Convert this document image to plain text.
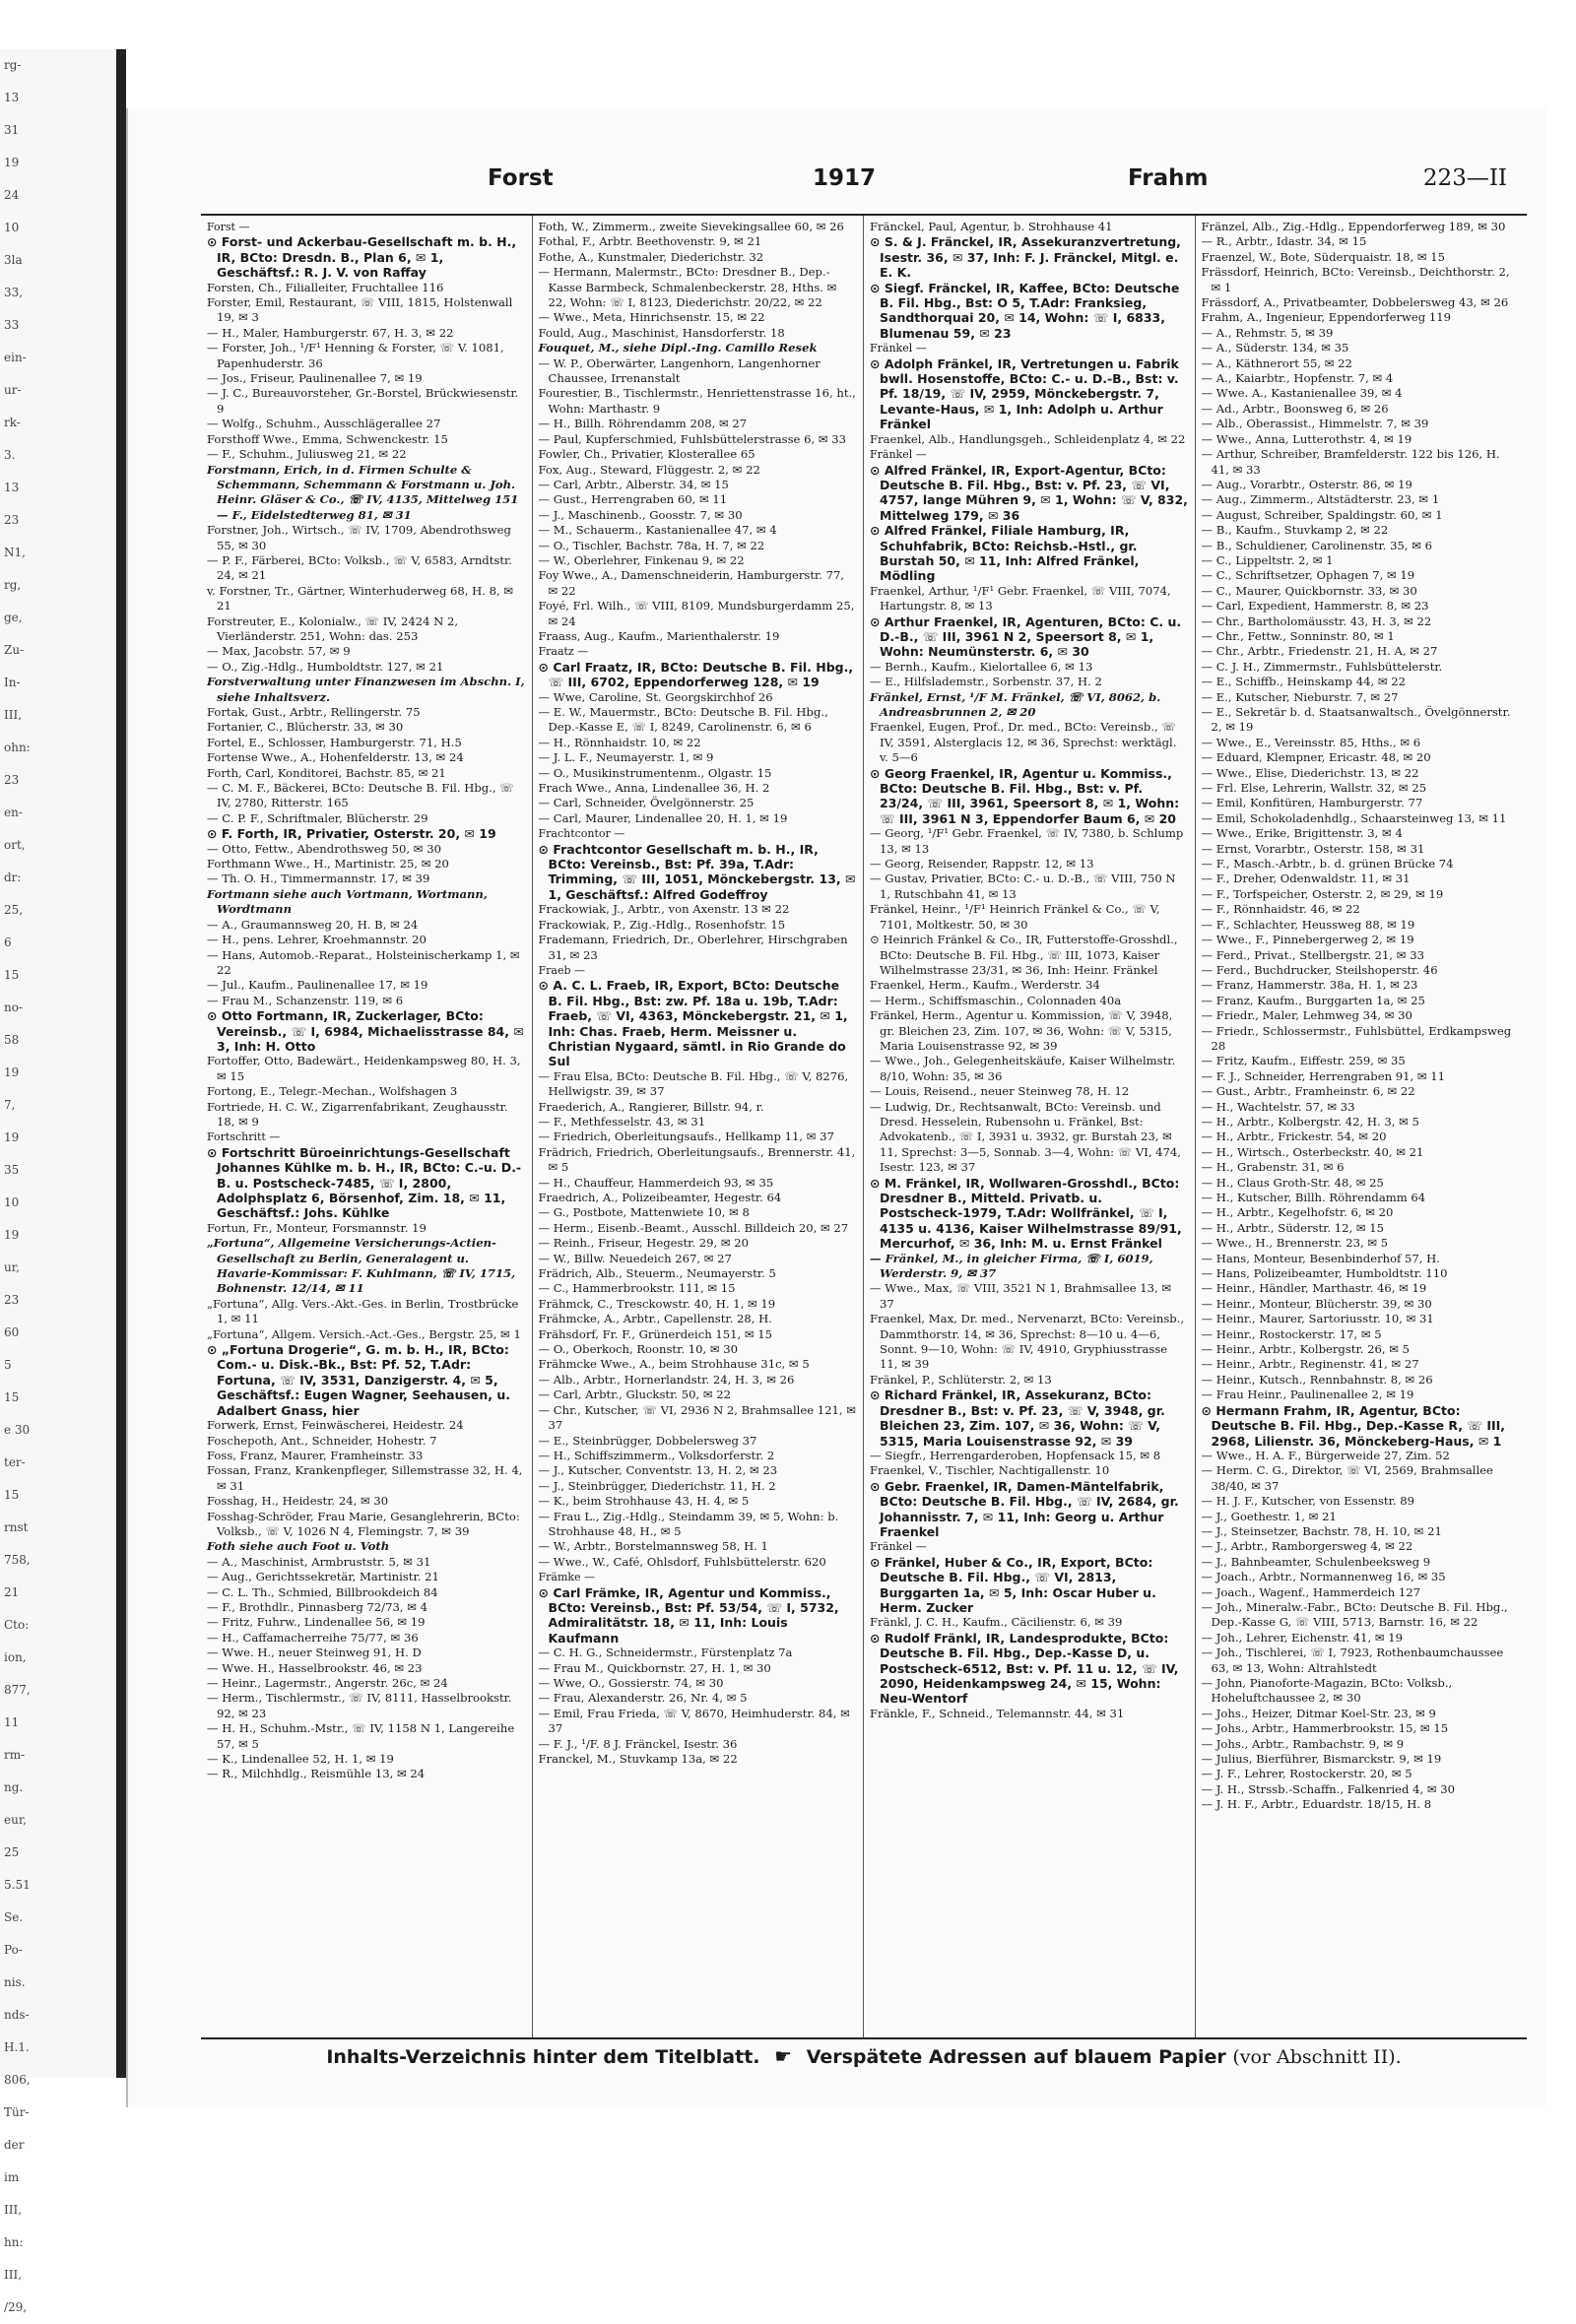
rg-
13
31
19
24
10
3la
33,
33
ein-
ur-
rk-
3.
13
23
N1,
rg,
ge,
Zu-
In-
III,
ohn:
23
en-
ort,
dr:
25,
6
15
no-
58
19
7,
19
35
10
19
ur,
23
60
5
15
e 30
ter-
15
rnst
758,
21
Cto:
ion,
877,
11
rm-
ng.
eur,
25
5.51
Se.
Po-
nis.
nds-
H.1.
806,
Tür-
der
im
III,
hn:
III,
/29,
Forst	1917	Frahm	223—II

Forst —

⊙ Forst- und Ackerbau-Gesellschaft m. b. H., IR, BCto: Dresdn. B., Plan 6, ✉ 1, Geschäftsf.: R. J. V. von Raffay

Forsten, Ch., Filialleiter, Fruchtallee 116

Forster, Emil, Restaurant, ☏ VIII, 1815, Holstenwall 19, ✉ 3

— H., Maler, Hamburgerstr. 67, H. 3, ✉ 22

— Forster, Joh., ¹/F¹ Henning & Forster, ☏ V. 1081, Papenhuderstr. 36

— Jos., Friseur, Paulinenallee 7, ✉ 19

— J. C., Bureauvorsteher, Gr.-Borstel, Brückwiesenstr. 9

— Wolfg., Schuhm., Ausschlägerallee 27

Forsthoff Wwe., Emma, Schwenckestr. 15

— F., Schuhm., Juliusweg 21, ✉ 22

Forstmann, Erich, in d. Firmen Schulte & Schemmann, Schemmann & Forstmann u. Joh. Heinr. Gläser & Co., ☏ IV, 4135, Mittelweg 151 — F., Eidelstedterweg 81, ✉ 31

Forstner, Joh., Wirtsch., ☏ IV, 1709, Abendrothsweg 55, ✉ 30

— P. F., Färberei, BCto: Volksb., ☏ V, 6583, Arndtstr. 24, ✉ 21

v. Forstner, Tr., Gärtner, Winterhuderweg 68, H. 8, ✉ 21

Forstreuter, E., Kolonialw., ☏ IV, 2424 N 2, Vierländerstr. 251, Wohn: das. 253

— Max, Jacobstr. 57, ✉ 9

— O., Zig.-Hdlg., Humboldtstr. 127, ✉ 21

Forstverwaltung unter Finanzwesen im Abschn. I, siehe Inhaltsverz.

Fortak, Gust., Arbtr., Rellingerstr. 75

Fortanier, C., Blücherstr. 33, ✉ 30

Fortel, E., Schlosser, Hamburgerstr. 71, H.5

Fortense Wwe., A., Hohenfelderstr. 13, ✉ 24

Forth, Carl, Konditorei, Bachstr. 85, ✉ 21

— C. M. F., Bäckerei, BCto: Deutsche B. Fil. Hbg., ☏ IV, 2780, Ritterstr. 165

— C. P. F., Schriftmaler, Blücherstr. 29

⊙ F. Forth, IR, Privatier, Osterstr. 20, ✉ 19

— Otto, Fettw., Abendrothsweg 50, ✉ 30

Forthmann Wwe., H., Martinistr. 25, ✉ 20

— Th. O. H., Timmermannstr. 17, ✉ 39

Fortmann siehe auch Vortmann, Wortmann, Wordtmann

— A., Graumannsweg 20, H. B, ✉ 24

— H., pens. Lehrer, Kroehmannstr. 20

— Hans, Automob.-Reparat., Holsteinischerkamp 1, ✉ 22

— Jul., Kaufm., Paulinenallee 17, ✉ 19

— Frau M., Schanzenstr. 119, ✉ 6

⊙ Otto Fortmann, IR, Zuckerlager, BCto: Vereinsb., ☏ I, 6984, Michaelisstrasse 84, ✉ 3, Inh: H. Otto

Fortoffer, Otto, Badewärt., Heidenkampsweg 80, H. 3, ✉ 15

Fortong, E., Telegr.-Mechan., Wolfshagen 3

Fortriede, H. C. W., Zigarrenfabrikant, Zeughausstr. 18, ✉ 9

Fortschritt —

⊙ Fortschritt Büroeinrichtungs-Gesellschaft Johannes Kühlke m. b. H., IR, BCto: C.-u. D.-B. u. Postscheck-7485, ☏ I, 2800, Adolphsplatz 6, Börsenhof, Zim. 18, ✉ 11, Geschäftsf.: Johs. Kühlke

Fortun, Fr., Monteur, Forsmannstr. 19

„Fortuna“, Allgemeine Versicherungs-Actien-Gesellschaft zu Berlin, Generalagent u. Havarie-Kommissar: F. Kuhlmann, ☏ IV, 1715, Bohnenstr. 12/14, ✉ 11

„Fortuna“, Allg. Vers.-Akt.-Ges. in Berlin, Trostbrücke 1, ✉ 11

„Fortuna“, Allgem. Versich.-Act.-Ges., Bergstr. 25, ✉ 1

⊙ „Fortuna Drogerie“, G. m. b. H., IR, BCto: Com.- u. Disk.-Bk., Bst: Pf. 52, T.Adr: Fortuna, ☏ IV, 3531, Danzigerstr. 4, ✉ 5, Geschäftsf.: Eugen Wagner, Seehausen, u. Adalbert Gnass, hier

Forwerk, Ernst, Feinwäscherei, Heidestr. 24

Foschepoth, Ant., Schneider, Hohestr. 7

Foss, Franz, Maurer, Framheinstr. 33

Fossan, Franz, Krankenpfleger, Sillemstrasse 32, H. 4, ✉ 31

Fosshag, H., Heidestr. 24, ✉ 30

Fosshag-Schröder, Frau Marie, Gesanglehrerin, BCto: Volksb., ☏ V, 1026 N 4, Flemingstr. 7, ✉ 39

Foth siehe auch Foot u. Voth

— A., Maschinist, Armbruststr. 5, ✉ 31

— Aug., Gerichtssekretär, Martinistr. 21

— C. L. Th., Schmied, Billbrookdeich 84

— F., Brothdlr., Pinnasberg 72/73, ✉ 4

— Fritz, Fuhrw., Lindenallee 56, ✉ 19

— H., Caffamacherreihe 75/77, ✉ 36

— Wwe. H., neuer Steinweg 91, H. D

— Wwe. H., Hasselbrookstr. 46, ✉ 23

— Heinr., Lagermstr., Angerstr. 26c, ✉ 24

— Herm., Tischlermstr., ☏ IV, 8111, Hasselbrookstr. 92, ✉ 23

— H. H., Schuhm.-Mstr., ☏ IV, 1158 N 1, Langereihe 57, ✉ 5

— K., Lindenallee 52, H. 1, ✉ 19

— R., Milchhdlg., Reismühle 13, ✉ 24

Foth, W., Zimmerm., zweite Sievekingsallee 60, ✉ 26

Fothal, F., Arbtr. Beethovenstr. 9, ✉ 21

Fothe, A., Kunstmaler, Diederichstr. 32

— Hermann, Malermstr., BCto: Dresdner B., Dep.-Kasse Barmbeck, Schmalenbeckerstr. 28, Hths. ✉ 22, Wohn: ☏ I, 8123, Diederichstr. 20/22, ✉ 22

— Wwe., Meta, Hinrichsenstr. 15, ✉ 22

Fould, Aug., Maschinist, Hansdorferstr. 18

Fouquet, M., siehe Dipl.-Ing. Camillo Resek

— W. P., Oberwärter, Langenhorn, Langenhorner Chaussee, Irrenanstalt

Fourestier, B., Tischlermstr., Henriettenstrasse 16, ht., Wohn: Marthastr. 9

— H., Billh. Röhrendamm 208, ✉ 27

— Paul, Kupferschmied, Fuhlsbüttelerstrasse 6, ✉ 33

Fowler, Ch., Privatier, Klosterallee 65

Fox, Aug., Steward, Flüggestr. 2, ✉ 22

— Carl, Arbtr., Alberstr. 34, ✉ 15

— Gust., Herrengraben 60, ✉ 11

— J., Maschinenb., Goosstr. 7, ✉ 30

— M., Schauerm., Kastanienallee 47, ✉ 4

— O., Tischler, Bachstr. 78a, H. 7, ✉ 22

— W., Oberlehrer, Finkenau 9, ✉ 22

Foy Wwe., A., Damenschneiderin, Hamburgerstr. 77, ✉ 22

Foyé, Frl. Wilh., ☏ VIII, 8109, Mundsburgerdamm 25, ✉ 24

Fraass, Aug., Kaufm., Marienthalerstr. 19

Fraatz —

⊙ Carl Fraatz, IR, BCto: Deutsche B. Fil. Hbg., ☏ III, 6702, Eppendorferweg 128, ✉ 19

— Wwe, Caroline, St. Georgskirchhof 26

— E. W., Mauermstr., BCto: Deutsche B. Fil. Hbg., Dep.-Kasse E, ☏ I, 8249, Carolinenstr. 6, ✉ 6

— H., Rönnhaidstr. 10, ✉ 22

— J. L. F., Neumayerstr. 1, ✉ 9

— O., Musikinstrumentenm., Olgastr. 15

Frach Wwe., Anna, Lindenallee 36, H. 2

— Carl, Schneider, Övelgönnerstr. 25

— Carl, Maurer, Lindenallee 20, H. 1, ✉ 19

Frachtcontor —

⊙ Frachtcontor Gesellschaft m. b. H., IR, BCto: Vereinsb., Bst: Pf. 39a, T.Adr: Trimming, ☏ III, 1051, Mönckebergstr. 13, ✉ 1, Geschäftsf.: Alfred Godeffroy

Frackowiak, J., Arbtr., von Axenstr. 13 ✉ 22

Frackowiak, P., Zig.-Hdlg., Rosenhofstr. 15

Frademann, Friedrich, Dr., Oberlehrer, Hirschgraben 31, ✉ 23

Fraeb —

⊙ A. C. L. Fraeb, IR, Export, BCto: Deutsche B. Fil. Hbg., Bst: zw. Pf. 18a u. 19b, T.Adr: Fraeb, ☏ VI, 4363, Mönckebergstr. 21, ✉ 1, Inh: Chas. Fraeb, Herm. Meissner u. Christian Nygaard, sämtl. in Rio Grande do Sul

— Frau Elsa, BCto: Deutsche B. Fil. Hbg., ☏ V, 8276, Hellwigstr. 39, ✉ 37

Fraederich, A., Rangierer, Billstr. 94, r.

— F., Methfesselstr. 43, ✉ 31

— Friedrich, Oberleitungsaufs., Hellkamp 11, ✉ 37

Frädrich, Friedrich, Oberleitungsaufs., Brennerstr. 41, ✉ 5

— H., Chauffeur, Hammerdeich 93, ✉ 35

Fraedrich, A., Polizeibeamter, Hegestr. 64

— G., Postbote, Mattenwiete 10, ✉ 8

— Herm., Eisenb.-Beamt., Ausschl. Billdeich 20, ✉ 27

— Reinh., Friseur, Hegestr. 29, ✉ 20

— W., Billw. Neuedeich 267, ✉ 27

Frädrich, Alb., Steuerm., Neumayerstr. 5

— C., Hammerbrookstr. 111, ✉ 15

Frähmck, C., Tresckowstr. 40, H. 1, ✉ 19

Frähmcke, A., Arbtr., Capellenstr. 28, H.

Frähsdorf, Fr. F., Grünerdeich 151, ✉ 15

— O., Oberkoch, Roonstr. 10, ✉ 30

Frähmcke Wwe., A., beim Strohhause 31c, ✉ 5

— Alb., Arbtr., Hornerlandstr. 24, H. 3, ✉ 26

— Carl, Arbtr., Gluckstr. 50, ✉ 22

— Chr., Kutscher, ☏ VI, 2936 N 2, Brahmsallee 121, ✉ 37

— E., Steinbrügger, Dobbelersweg 37

— H., Schiffszimmerm., Volksdorferstr. 2

— J., Kutscher, Conventstr. 13, H. 2, ✉ 23

— J., Steinbrügger, Diederichstr. 11, H. 2

— K., beim Strohhause 43, H. 4, ✉ 5

— Frau L., Zig.-Hdlg., Steindamm 39, ✉ 5, Wohn: b. Strohhause 48, H., ✉ 5

— W., Arbtr., Borstelmannsweg 58, H. 1

— Wwe., W., Café, Ohlsdorf, Fuhlsbüttelerstr. 620

Främke —

⊙ Carl Främke, IR, Agentur und Kommiss., BCto: Vereinsb., Bst: Pf. 53/54, ☏ I, 5732, Admiralitätstr. 18, ✉ 11, Inh: Louis Kaufmann

— C. H. G., Schneidermstr., Fürstenplatz 7a

— Frau M., Quickbornstr. 27, H. 1, ✉ 30

— Wwe, O., Gossierstr. 74, ✉ 30

— Frau, Alexanderstr. 26, Nr. 4, ✉ 5

— Emil, Frau Frieda, ☏ V, 8670, Heimhuderstr. 84, ✉ 37

— F. J., ¹/F. 8 J. Fränckel, Isestr. 36

Franckel, M., Stuvkamp 13a, ✉ 22

Fränckel, Paul, Agentur, b. Strohhause 41

⊙ S. & J. Fränckel, IR, Assekuranzvertretung, Isestr. 36, ✉ 37, Inh: F. J. Fränckel, Mitgl. e. E. K.

⊙ Siegf. Fränckel, IR, Kaffee, BCto: Deutsche B. Fil. Hbg., Bst: O 5, T.Adr: Franksieg, Sandthorquai 20, ✉ 14, Wohn: ☏ I, 6833, Blumenau 59, ✉ 23

Fränkel —

⊙ Adolph Fränkel, IR, Vertretungen u. Fabrik bwll. Hosenstoffe, BCto: C.- u. D.-B., Bst: v. Pf. 18/19, ☏ IV, 2959, Mönckebergstr. 7, Levante-Haus, ✉ 1, Inh: Adolph u. Arthur Fränkel

Fraenkel, Alb., Handlungsgeh., Schleidenplatz 4, ✉ 22

Fränkel —

⊙ Alfred Fränkel, IR, Export-Agentur, BCto: Deutsche B. Fil. Hbg., Bst: v. Pf. 23, ☏ VI, 4757, lange Mühren 9, ✉ 1, Wohn: ☏ V, 832, Mittelweg 179, ✉ 36

⊙ Alfred Fränkel, Filiale Hamburg, IR, Schuhfabrik, BCto: Reichsb.-Hstl., gr. Burstah 50, ✉ 11, Inh: Alfred Fränkel, Mödling

Fraenkel, Arthur, ¹/F¹ Gebr. Fraenkel, ☏ VIII, 7074, Hartungstr. 8, ✉ 13

⊙ Arthur Fraenkel, IR, Agenturen, BCto: C. u. D.-B., ☏ III, 3961 N 2, Speersort 8, ✉ 1, Wohn: Neumünsterstr. 6, ✉ 30

— Bernh., Kaufm., Kielortallee 6, ✉ 13

— E., Hilfslademstr., Sorbenstr. 37, H. 2

Fränkel, Ernst, ¹/F M. Fränkel, ☏ VI, 8062, b. Andreasbrunnen 2, ✉ 20

Fraenkel, Eugen, Prof., Dr. med., BCto: Vereinsb., ☏ IV, 3591, Alsterglacis 12, ✉ 36, Sprechst: werktägl. v. 5—6

⊙ Georg Fraenkel, IR, Agentur u. Kommiss., BCto: Deutsche B. Fil. Hbg., Bst: v. Pf. 23/24, ☏ III, 3961, Speersort 8, ✉ 1, Wohn: ☏ III, 3961 N 3, Eppendorfer Baum 6, ✉ 20

— Georg, ¹/F¹ Gebr. Fraenkel, ☏ IV, 7380, b. Schlump 13, ✉ 13

— Georg, Reisender, Rappstr. 12, ✉ 13

— Gustav, Privatier, BCto: C.- u. D.-B., ☏ VIII, 750 N 1, Rutschbahn 41, ✉ 13

Fränkel, Heinr., ¹/F¹ Heinrich Fränkel & Co., ☏ V, 7101, Moltkestr. 50, ✉ 30

⊙ Heinrich Fränkel & Co., IR, Futterstoffe-Grosshdl., BCto: Deutsche B. Fil. Hbg., ☏ III, 1073, Kaiser Wilhelmstrasse 23/31, ✉ 36, Inh: Heinr. Fränkel

Fraenkel, Herm., Kaufm., Werderstr. 34

— Herm., Schiffsmaschin., Colonnaden 40a

Fränkel, Herm., Agentur u. Kommission, ☏ V, 3948, gr. Bleichen 23, Zim. 107, ✉ 36, Wohn: ☏ V, 5315, Maria Louisenstrasse 92, ✉ 39

— Wwe., Joh., Gelegenheitskäufe, Kaiser Wilhelmstr. 8/10, Wohn: 35, ✉ 36

— Louis, Reisend., neuer Steinweg 78, H. 12

— Ludwig, Dr., Rechtsanwalt, BCto: Vereinsb. und Dresd. Hesselein, Rubensohn u. Fränkel, Bst: Advokatenb., ☏ I, 3931 u. 3932, gr. Burstah 23, ✉ 11, Sprechst: 3—5, Sonnab. 3—4, Wohn: ☏ VI, 474, Isestr. 123, ✉ 37

⊙ M. Fränkel, IR, Wollwaren-Grosshdl., BCto: Dresdner B., Mitteld. Privatb. u. Postscheck-1979, T.Adr: Wollfränkel, ☏ I, 4135 u. 4136, Kaiser Wilhelmstrasse 89/91, Mercurhof, ✉ 36, Inh: M. u. Ernst Fränkel

— Fränkel, M., in gleicher Firma, ☏ I, 6019, Werderstr. 9, ✉ 37

— Wwe., Max, ☏ VIII, 3521 N 1, Brahmsallee 13, ✉ 37

Fraenkel, Max, Dr. med., Nervenarzt, BCto: Vereinsb., Dammthorstr. 14, ✉ 36, Sprechst: 8—10 u. 4—6, Sonnt. 9—10, Wohn: ☏ IV, 4910, Gryphiusstrasse 11, ✉ 39

Fränkel, P., Schlüterstr. 2, ✉ 13

⊙ Richard Fränkel, IR, Assekuranz, BCto: Dresdner B., Bst: v. Pf. 23, ☏ V, 3948, gr. Bleichen 23, Zim. 107, ✉ 36, Wohn: ☏ V, 5315, Maria Louisenstrasse 92, ✉ 39

— Siegfr., Herrengarderoben, Hopfensack 15, ✉ 8

Fraenkel, V., Tischler, Nachtigallenstr. 10

⊙ Gebr. Fraenkel, IR, Damen-Mäntelfabrik, BCto: Deutsche B. Fil. Hbg., ☏ IV, 2684, gr. Johannisstr. 7, ✉ 11, Inh: Georg u. Arthur Fraenkel

Fränkel —

⊙ Fränkel, Huber & Co., IR, Export, BCto: Deutsche B. Fil. Hbg., ☏ VI, 2813, Burggarten 1a, ✉ 5, Inh: Oscar Huber u. Herm. Zucker

Fränkl, J. C. H., Kaufm., Cäcilienstr. 6, ✉ 39

⊙ Rudolf Fränkl, IR, Landesprodukte, BCto: Deutsche B. Fil. Hbg., Dep.-Kasse D, u. Postscheck-6512, Bst: v. Pf. 11 u. 12, ☏ IV, 2090, Heidenkampsweg 24, ✉ 15, Wohn: Neu-Wentorf

Fränkle, F., Schneid., Telemannstr. 44, ✉ 31

Fränzel, Alb., Zig.-Hdlg., Eppendorferweg 189, ✉ 30

— R., Arbtr., Idastr. 34, ✉ 15

Fraenzel, W., Bote, Süderquaistr. 18, ✉ 15

Frässdorf, Heinrich, BCto: Vereinsb., Deichthorstr. 2, ✉ 1

Frässdorf, A., Privatbeamter, Dobbelersweg 43, ✉ 26

Frahm, A., Ingenieur, Eppendorferweg 119

— A., Rehmstr. 5, ✉ 39

— A., Süderstr. 134, ✉ 35

— A., Käthnerort 55, ✉ 22

— A., Kaiarbtr., Hopfenstr. 7, ✉ 4

— Wwe. A., Kastanienallee 39, ✉ 4

— Ad., Arbtr., Boonsweg 6, ✉ 26

— Alb., Oberassist., Himmelstr. 7, ✉ 39

— Wwe., Anna, Lutterothstr. 4, ✉ 19

— Arthur, Schreiber, Bramfelderstr. 122 bis 126, H. 41, ✉ 33

— Aug., Vorarbtr., Osterstr. 86, ✉ 19

— Aug., Zimmerm., Altstädterstr. 23, ✉ 1

— August, Schreiber, Spaldingstr. 60, ✉ 1

— B., Kaufm., Stuvkamp 2, ✉ 22

— B., Schuldiener, Carolinenstr. 35, ✉ 6

— C., Lippeltstr. 2, ✉ 1

— C., Schriftsetzer, Ophagen 7, ✉ 19

— C., Maurer, Quickbornstr. 33, ✉ 30

— Carl, Expedient, Hammerstr. 8, ✉ 23

— Chr., Bartholomäusstr. 43, H. 3, ✉ 22

— Chr., Fettw., Sonninstr. 80, ✉ 1

— Chr., Arbtr., Friedenstr. 21, H. A, ✉ 27

— C. J. H., Zimmermstr., Fuhlsbüttelerstr.

— E., Schiffb., Heinskamp 44, ✉ 22

— E., Kutscher, Nieburstr. 7, ✉ 27

— E., Sekretär b. d. Staatsanwaltsch., Övelgönnerstr. 2, ✉ 19

— Wwe., E., Vereinsstr. 85, Hths., ✉ 6

— Eduard, Klempner, Ericastr. 48, ✉ 20

— Wwe., Elise, Diederichstr. 13, ✉ 22

— Frl. Else, Lehrerin, Wallstr. 32, ✉ 25

— Emil, Konfitüren, Hamburgerstr. 77

— Emil, Schokoladenhdlg., Schaarsteinweg 13, ✉ 11

— Wwe., Erike, Brigittenstr. 3, ✉ 4

— Ernst, Vorarbtr., Osterstr. 158, ✉ 31

— F., Masch.-Arbtr., b. d. grünen Brücke 74

— F., Dreher, Odenwaldstr. 11, ✉ 31

— F., Torfspeicher, Osterstr. 2, ✉ 29, ✉ 19

— F., Rönnhaidstr. 46, ✉ 22

— F., Schlachter, Heussweg 88, ✉ 19

— Wwe., F., Pinnebergerweg 2, ✉ 19

— Ferd., Privat., Stellbergstr. 21, ✉ 33

— Ferd., Buchdrucker, Steilshoperstr. 46

— Franz, Hammerstr. 38a, H. 1, ✉ 23

— Franz, Kaufm., Burggarten 1a, ✉ 25

— Friedr., Maler, Lehmweg 34, ✉ 30

— Friedr., Schlossermstr., Fuhlsbüttel, Erdkampsweg 28

— Fritz, Kaufm., Eiffestr. 259, ✉ 35

— F. J., Schneider, Herrengraben 91, ✉ 11

— Gust., Arbtr., Framheinstr. 6, ✉ 22

— H., Wachtelstr. 57, ✉ 33

— H., Arbtr., Kolbergstr. 42, H. 3, ✉ 5

— H., Arbtr., Frickestr. 54, ✉ 20

— H., Wirtsch., Osterbeckstr. 40, ✉ 21

— H., Grabenstr. 31, ✉ 6

— H., Claus Groth-Str. 48, ✉ 25

— H., Kutscher, Billh. Röhrendamm 64

— H., Arbtr., Kegelhofstr. 6, ✉ 20

— H., Arbtr., Süderstr. 12, ✉ 15

— Wwe., H., Brennerstr. 23, ✉ 5

— Hans, Monteur, Besenbinderhof 57, H.

— Hans, Polizeibeamter, Humboldtstr. 110

— Heinr., Händler, Marthastr. 46, ✉ 19

— Heinr., Monteur, Blücherstr. 39, ✉ 30

— Heinr., Maurer, Sartoriusstr. 10, ✉ 31

— Heinr., Rostockerstr. 17, ✉ 5

— Heinr., Arbtr., Kolbergstr. 26, ✉ 5

— Heinr., Arbtr., Reginenstr. 41, ✉ 27

— Heinr., Kutsch., Rennbahnstr. 8, ✉ 26

— Frau Heinr., Paulinenallee 2, ✉ 19

⊙ Hermann Frahm, IR, Agentur, BCto: Deutsche B. Fil. Hbg., Dep.-Kasse R, ☏ III, 2968, Lilienstr. 36, Mönckeberg-Haus, ✉ 1

— Wwe., H. A. F., Bürgerweide 27, Zim. 52

— Herm. C. G., Direktor, ☏ VI, 2569, Brahmsallee 38/40, ✉ 37

— H. J. F., Kutscher, von Essenstr. 89

— J., Goethestr. 1, ✉ 21

— J., Steinsetzer, Bachstr. 78, H. 10, ✉ 21

— J., Arbtr., Ramborgersweg 4, ✉ 22

— J., Bahnbeamter, Schulenbeeksweg 9

— Joach., Arbtr., Normannenweg 16, ✉ 35

— Joach., Wagenf., Hammerdeich 127

— Joh., Mineralw.-Fabr., BCto: Deutsche B. Fil. Hbg., Dep.-Kasse G, ☏ VIII, 5713, Barnstr. 16, ✉ 22

— Joh., Lehrer, Eichenstr. 41, ✉ 19

— Joh., Tischlerei, ☏ I, 7923, Rothenbaumchaussee 63, ✉ 13, Wohn: Altrahlstedt

— John, Pianoforte-Magazin, BCto: Volksb., Hoheluftchaussee 2, ✉ 30

— Johs., Heizer, Ditmar Koel-Str. 23, ✉ 9

— Johs., Arbtr., Hammerbrookstr. 15, ✉ 15

— Johs., Arbtr., Rambachstr. 9, ✉ 9

— Julius, Bierführer, Bismarckstr. 9, ✉ 19

— J. F., Lehrer, Rostockerstr. 20, ✉ 5

— J. H., Strssb.-Schaffn., Falkenried 4, ✉ 30

— J. H. F., Arbtr., Eduardstr. 18/15, H. 8

Inhalts-Verzeichnis hinter dem Titelblatt. ☛ Verspätete Adressen auf blauem Papier (vor Abschnitt II).
